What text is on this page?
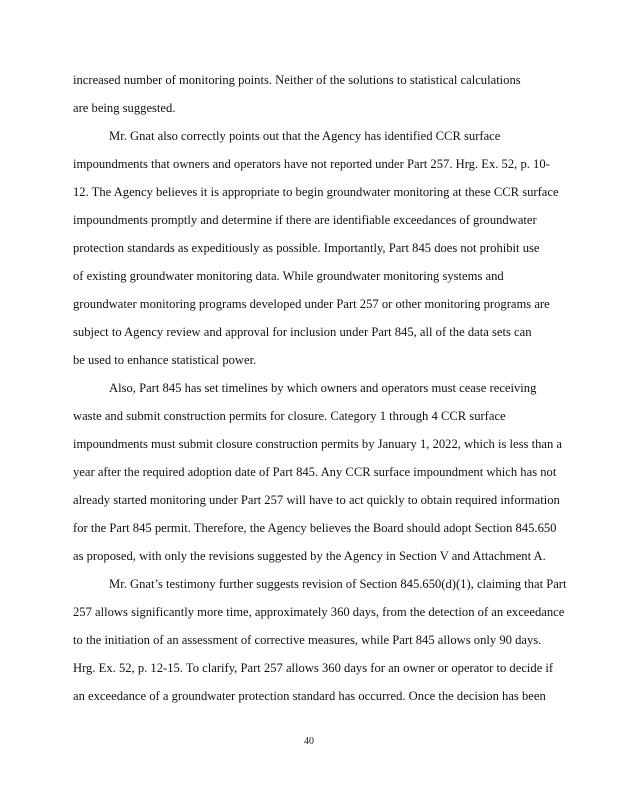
increased number of monitoring points. Neither of the solutions to statistical calculations
are being suggested.
Mr. Gnat also correctly points out that the Agency has identified CCR surface
impoundments that owners and operators have not reported under Part 257. Hrg. Ex. 52, p. 10-
12. The Agency believes it is appropriate to begin groundwater monitoring at these CCR surface
impoundments promptly and determine if there are identifiable exceedances of groundwater
protection standards as expeditiously as possible. Importantly, Part 845 does not prohibit use
of existing groundwater monitoring data. While groundwater monitoring systems and
groundwater monitoring programs developed under Part 257 or other monitoring programs are
subject to Agency review and approval for inclusion under Part 845, all of the data sets can
be used to enhance statistical power.
Also, Part 845 has set timelines by which owners and operators must cease receiving
waste and submit construction permits for closure. Category 1 through 4 CCR surface
impoundments must submit closure construction permits by January 1, 2022, which is less than a
year after the required adoption date of Part 845. Any CCR surface impoundment which has not
already started monitoring under Part 257 will have to act quickly to obtain required information
for the Part 845 permit. Therefore, the Agency believes the Board should adopt Section 845.650
as proposed, with only the revisions suggested by the Agency in Section V and Attachment A.
Mr. Gnat’s testimony further suggests revision of Section 845.650(d)(1), claiming that Part
257 allows significantly more time, approximately 360 days, from the detection of an exceedance
to the initiation of an assessment of corrective measures, while Part 845 allows only 90 days.
Hrg. Ex. 52, p. 12-15. To clarify, Part 257 allows 360 days for an owner or operator to decide if
an exceedance of a groundwater protection standard has occurred. Once the decision has been
40
